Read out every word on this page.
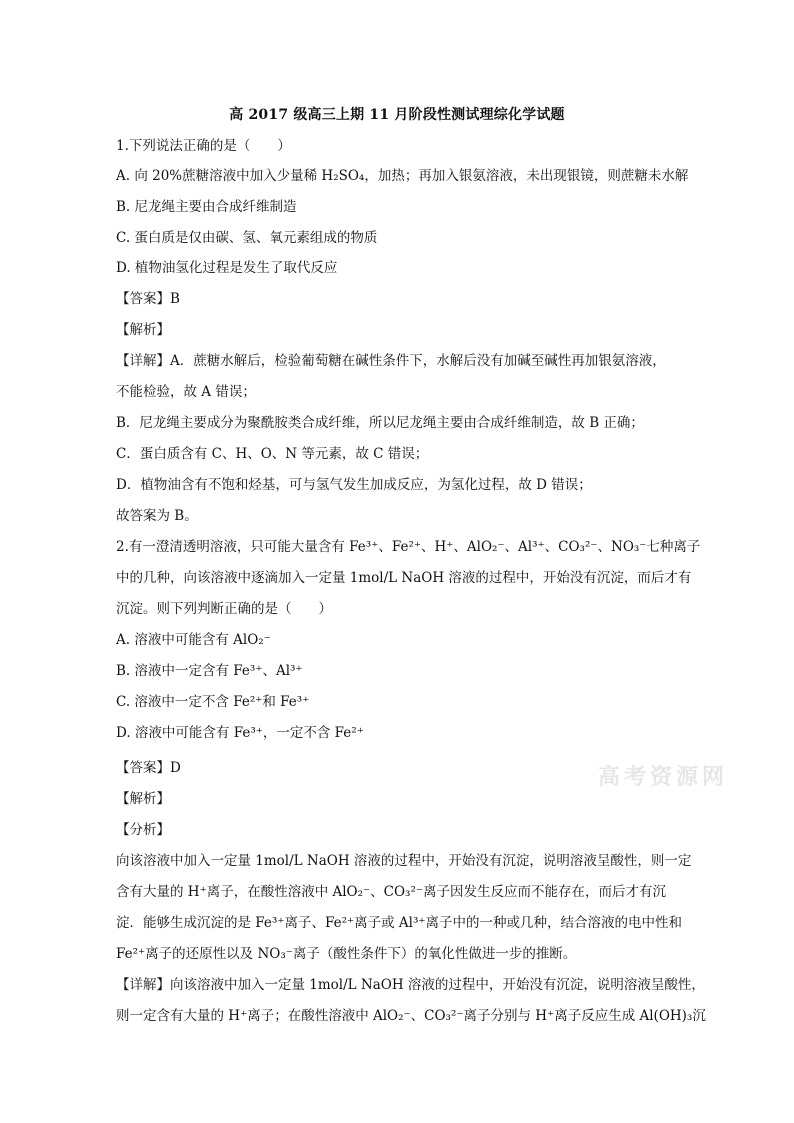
高 2017 级高三上期 11 月阶段性测试理综化学试题
1.下列说法正确的是（　　）
A. 向 20%蔗糖溶液中加入少量稀 H₂SO₄，加热；再加入银氨溶液，未出现银镜，则蔗糖未水解
B. 尼龙绳主要由合成纤维制造
C. 蛋白质是仅由碳、氢、氧元素组成的物质
D. 植物油氢化过程是发生了取代反应
【答案】B
【解析】
【详解】A．蔗糖水解后，检验葡萄糖在碱性条件下，水解后没有加碱至碱性再加银氨溶液，
不能检验，故 A 错误；
B．尼龙绳主要成分为聚酰胺类合成纤维，所以尼龙绳主要由合成纤维制造，故 B 正确；
C．蛋白质含有 C、H、O、N 等元素，故 C 错误；
D．植物油含有不饱和烃基，可与氢气发生加成反应，为氢化过程，故 D 错误；
故答案为 B。
2.有一澄清透明溶液，只可能大量含有 Fe³⁺、Fe²⁺、H⁺、AlO₂⁻、Al³⁺、CO₃²⁻、NO₃⁻七种离子
中的几种，向该溶液中逐滴加入一定量 1mol/L NaOH 溶液的过程中，开始没有沉淀，而后才有
沉淀。则下列判断正确的是（　　）
A. 溶液中可能含有 AlO₂⁻
B. 溶液中一定含有 Fe³⁺、Al³⁺
C. 溶液中一定不含 Fe²⁺和 Fe³⁺
D. 溶液中可能含有 Fe³⁺，一定不含 Fe²⁺
【答案】D
【解析】
【分析】
向该溶液中加入一定量 1mol/L NaOH 溶液的过程中，开始没有沉淀，说明溶液呈酸性，则一定
含有大量的 H⁺离子，在酸性溶液中 AlO₂⁻、CO₃²⁻离子因发生反应而不能存在，而后才有沉
淀．能够生成沉淀的是 Fe³⁺离子、Fe²⁺离子或 Al³⁺离子中的一种或几种，结合溶液的电中性和
Fe²⁺离子的还原性以及 NO₃⁻离子（酸性条件下）的氧化性做进一步的推断。
【详解】向该溶液中加入一定量 1mol/L NaOH 溶液的过程中，开始没有沉淀，说明溶液呈酸性，
则一定含有大量的 H⁺离子；在酸性溶液中 AlO₂⁻、CO₃²⁻离子分别与 H⁺离子反应生成 Al(OH)₃沉
高考资源网
